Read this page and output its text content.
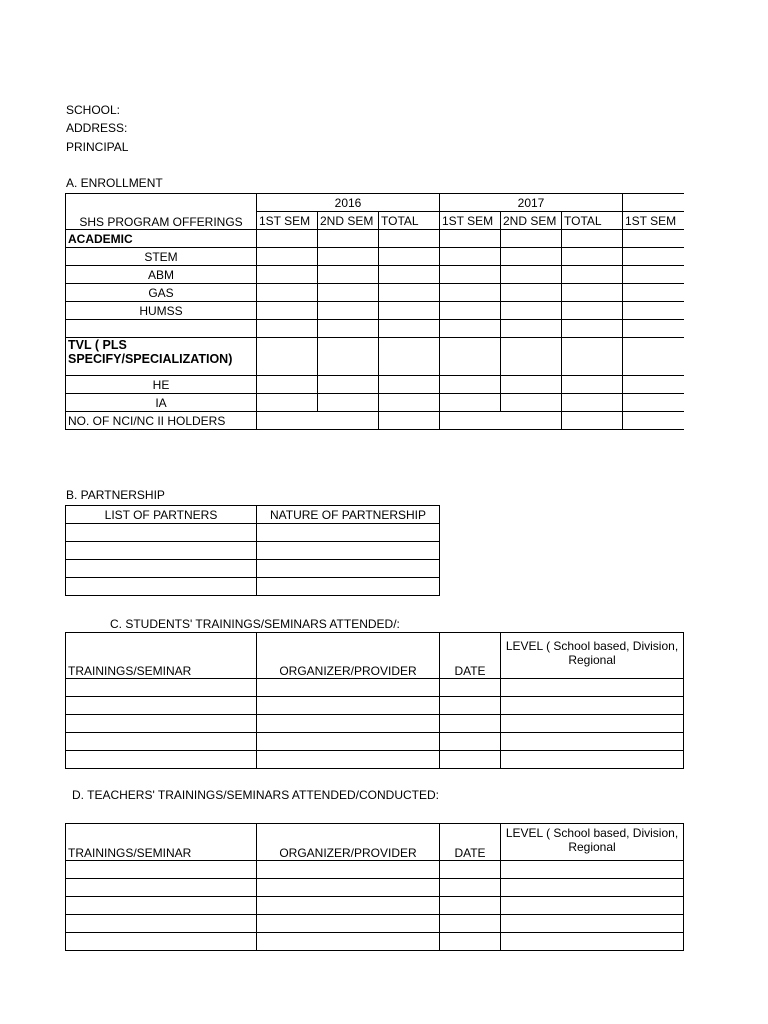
SCHOOL:
ADDRESS:
PRINCIPAL
A. ENROLLMENT
SHS PROGRAM OFFERINGS	2016			2017			
	1ST SEM	2ND SEM	TOTAL	1ST SEM	2ND SEM	TOTAL	1ST SEM
ACADEMIC							
STEM							
ABM							
GAS							
HUMSS							

TVL ( PLS SPECIFY/SPECIALIZATION)							
HE							
IA							
NO. OF NCI/NC II HOLDERS							
B. PARTNERSHIP
LIST OF PARTNERS	NATURE OF PARTNERSHIP

C. STUDENTS' TRAININGS/SEMINARS ATTENDED/:
TRAININGS/SEMINAR	ORGANIZER/PROVIDER	DATE	LEVEL ( School based, Division, Regional

D. TEACHERS' TRAININGS/SEMINARS ATTENDED/CONDUCTED:
TRAININGS/SEMINAR	ORGANIZER/PROVIDER	DATE	LEVEL ( School based, Division, Regional
